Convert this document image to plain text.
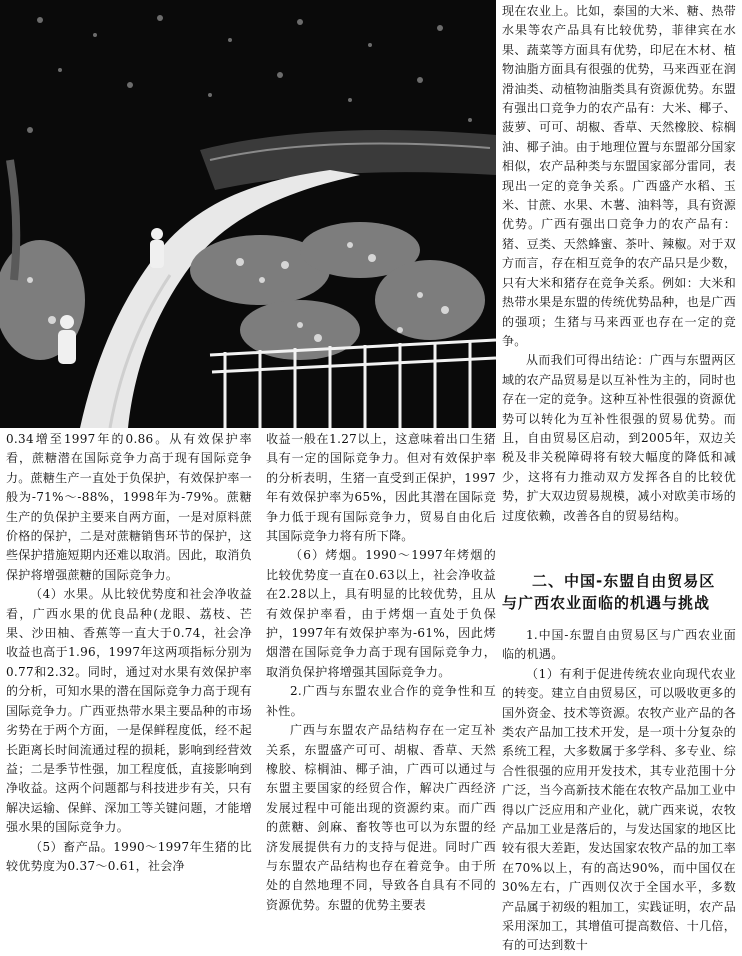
0.34增至1997年的0.86。从有效保护率看，蔗糖潜在国际竞争力高于现有国际竞争力。蔗糖生产一直处于负保护，有效保护率一般为-71%～-88%，1998年为-79%。蔗糖生产的负保护主要来自两方面，一是对原料蔗价格的保护，二是对蔗糖销售环节的保护，这些保护措施短期内还难以取消。因此，取消负保护将增强蔗糖的国际竞争力。

（4）水果。从比较优势度和社会净收益看，广西水果的优良品种(龙眼、荔枝、芒果、沙田柚、香蕉等一直大于0.74，社会净收益也高于1.96，1997年这两项指标分别为0.77和2.32。同时，通过对水果有效保护率的分析，可知水果的潜在国际竞争力高于现有国际竞争力。广西亚热带水果主要品种的市场劣势在于两个方面，一是保鲜程度低，经不起长距离长时间流通过程的损耗，影响到经营效益；二是季节性强，加工程度低，直接影响到净收益。这两个问题都与科技进步有关，只有解决运输、保鲜、深加工等关键问题，才能增强水果的国际竞争力。

（5）畜产品。1990～1997年生猪的比较优势度为0.37～0.61，社会净

收益一般在1.27以上，这意味着出口生猪具有一定的国际竞争力。但对有效保护率的分析表明，生猪一直受到正保护，1997年有效保护率为65%，因此其潜在国际竞争力低于现有国际竞争力，贸易自由化后其国际竞争力将有所下降。

（6）烤烟。1990～1997年烤烟的比较优势度一直在0.63以上，社会净收益在2.28以上，具有明显的比较优势，且从有效保护率看，由于烤烟一直处于负保护，1997年有效保护率为-61%，因此烤烟潜在国际竞争力高于现有国际竞争力，取消负保护将增强其国际竞争力。

2.广西与东盟农业合作的竞争性和互补性。

广西与东盟农产品结构存在一定互补关系，东盟盛产可可、胡椒、香草、天然橡胶、棕榈油、椰子油，广西可以通过与东盟主要国家的经贸合作，解决广西经济发展过程中可能出现的资源约束。而广西的蔗糖、剑麻、畜牧等也可以为东盟的经济发展提供有力的支持与促进。同时广西与东盟农产品结构也存在着竞争。由于所处的自然地理不同，导致各自具有不同的资源优势。东盟的优势主要表

现在农业上。比如，泰国的大米、糖、热带水果等农产品具有比较优势，菲律宾在水果、蔬菜等方面具有优势，印尼在木材、植物油脂方面具有很强的优势，马来西亚在润滑油类、动植物油脂类具有资源优势。东盟有强出口竞争力的农产品有：大米、椰子、菠萝、可可、胡椒、香草、天然橡胶、棕榈油、椰子油。由于地理位置与东盟部分国家相似，农产品种类与东盟国家部分雷同，表现出一定的竞争关系。广西盛产水稻、玉米、甘蔗、水果、木薯、油料等，具有资源优势。广西有强出口竞争力的农产品有：猪、豆类、天然蜂蜜、茶叶、辣椒。对于双方而言，存在相互竞争的农产品只是少数，只有大米和猪存在竞争关系。例如：大米和热带水果是东盟的传统优势品种，也是广西的强项；生猪与马来西亚也存在一定的竞争。

从而我们可得出结论：广西与东盟两区域的农产品贸易是以互补性为主的，同时也存在一定的竞争。这种互补性很强的资源优势可以转化为互补性很强的贸易优势。而且，自由贸易区启动，到2005年，双边关税及非关税障碍将有较大幅度的降低和减少，这将有力推动双方发挥各自的比较优势，扩大双边贸易规模，减小对欧美市场的过度依赖，改善各自的贸易结构。

二、中国-东盟自由贸易区
与广西农业面临的机遇与挑战

1.中国-东盟自由贸易区与广西农业面临的机遇。

（1）有利于促进传统农业向现代农业的转变。建立自由贸易区，可以吸收更多的国外资金、技术等资源。农牧产业产品的各类农产品加工技术开发，是一项十分复杂的系统工程，大多数属于多学科、多专业、综合性很强的应用开发技术，其专业范围十分广泛，当今高新技术能在农牧产品加工业中得以广泛应用和产业化，就广西来说，农牧产品加工业是落后的，与发达国家的地区比较有很大差距，发达国家农牧产品的加工率在70%以上，有的高达90%，而中国仅在30%左右，广西则仅次于全国水平，多数产品属于初级的粗加工，实践证明，农产品采用深加工，其增值可提高数倍、十几倍，有的可达到数十
